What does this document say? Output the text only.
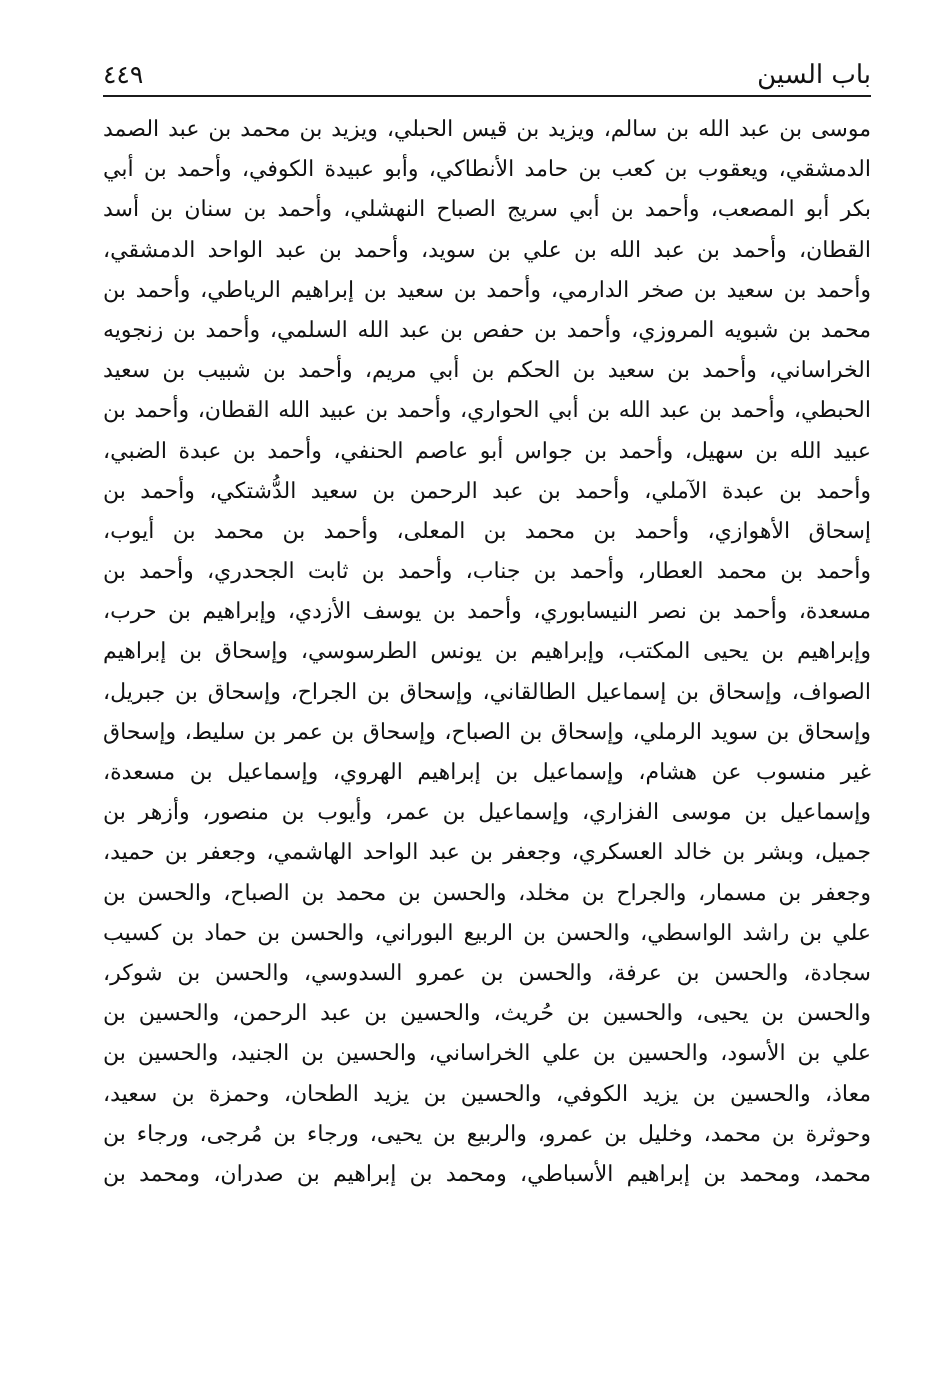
باب السين
٤٤٩
موسى بن عبد الله بن سالم، ويزيد بن قيس الحبلي، ويزيد بن محمد بن عبد الصمد
الدمشقي، ويعقوب بن كعب بن حامد الأنطاكي، وأبو عبيدة الكوفي، وأحمد بن أبي
بكر أبو المصعب، وأحمد بن أبي سريج الصباح النهشلي، وأحمد بن سنان بن أسد
القطان، وأحمد بن عبد الله بن علي بن سويد، وأحمد بن عبد الواحد الدمشقي،
وأحمد بن سعيد بن صخر الدارمي، وأحمد بن سعيد بن إبراهيم الرياطي، وأحمد بن
محمد بن شبويه المروزي، وأحمد بن حفص بن عبد الله السلمي، وأحمد بن زنجويه
الخراساني، وأحمد بن سعيد بن الحكم بن أبي مريم، وأحمد بن شبيب بن سعيد
الحبطي، وأحمد بن عبد الله بن أبي الحواري، وأحمد بن عبيد الله القطان، وأحمد بن
عبيد الله بن سهيل، وأحمد بن جواس أبو عاصم الحنفي، وأحمد بن عبدة الضبي،
وأحمد بن عبدة الآملي، وأحمد بن عبد الرحمن بن سعيد الدُّشتكي، وأحمد بن
إسحاق الأهوازي، وأحمد بن محمد بن المعلى، وأحمد بن محمد بن أيوب،
وأحمد بن محمد العطار، وأحمد بن جناب، وأحمد بن ثابت الجحدري، وأحمد بن
مسعدة، وأحمد بن نصر النيسابوري، وأحمد بن يوسف الأزدي، وإبراهيم بن حرب،
وإبراهيم بن يحيى المكتب، وإبراهيم بن يونس الطرسوسي، وإسحاق بن إبراهيم
الصواف، وإسحاق بن إسماعيل الطالقاني، وإسحاق بن الجراح، وإسحاق بن جبريل،
وإسحاق بن سويد الرملي، وإسحاق بن الصباح، وإسحاق بن عمر بن سليط، وإسحاق
غير منسوب عن هشام، وإسماعيل بن إبراهيم الهروي، وإسماعيل بن مسعدة،
وإسماعيل بن موسى الفزاري، وإسماعيل بن عمر، وأيوب بن منصور، وأزهر بن
جميل، وبشر بن خالد العسكري، وجعفر بن عبد الواحد الهاشمي، وجعفر بن حميد،
وجعفر بن مسمار، والجراح بن مخلد، والحسن بن محمد بن الصباح، والحسن بن
علي بن راشد الواسطي، والحسن بن الربيع البوراني، والحسن بن حماد بن كسيب
سجادة، والحسن بن عرفة، والحسن بن عمرو السدوسي، والحسن بن شوكر،
والحسن بن يحيى، والحسين بن حُريث، والحسين بن عبد الرحمن، والحسين بن
علي بن الأسود، والحسين بن علي الخراساني، والحسين بن الجنيد، والحسين بن
معاذ، والحسين بن يزيد الكوفي، والحسين بن يزيد الطحان، وحمزة بن سعيد،
وحوثرة بن محمد، وخليل بن عمرو، والربيع بن يحيى، ورجاء بن مُرجى، ورجاء بن
محمد، ومحمد بن إبراهيم الأسباطي، ومحمد بن إبراهيم بن صدران، ومحمد بن
